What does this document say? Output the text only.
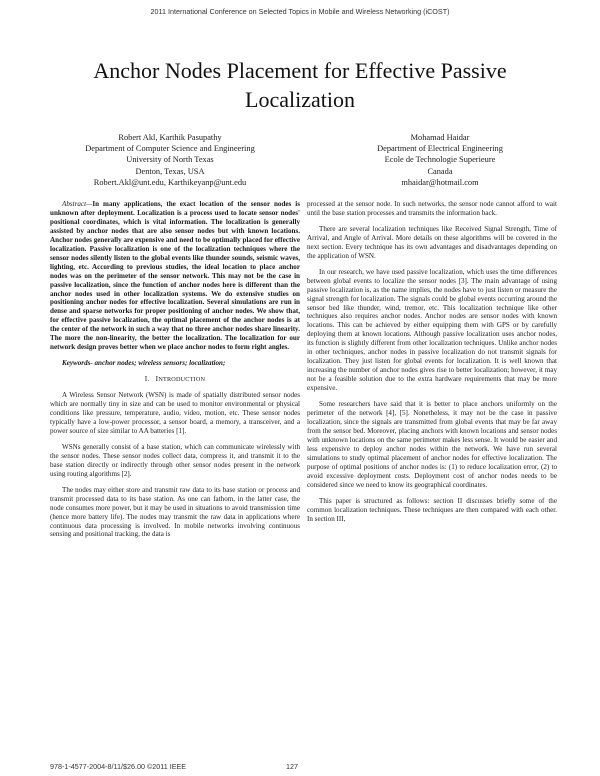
2011 International Conference on Selected Topics in Mobile and Wireless Networking (iCOST)
Anchor Nodes Placement for Effective Passive Localization
Robert Akl, Karthik Pasupathy
Department of Computer Science and Engineering
University of North Texas
Denton, Texas, USA
Robert.Akl@unt.edu, Karthikeyanp@unt.edu
Mohamad Haidar
Department of Electrical Engineering
Ecole de Technologie Superieure
Canada
mhaidar@hotmail.com

Abstract—In many applications, the exact location of the sensor nodes is unknown after deployment. Localization is a process used to locate sensor nodes' positional coordinates, which is vital information. The localization is generally assisted by anchor nodes that are also sensor nodes but with known locations. Anchor nodes generally are expensive and need to be optimally placed for effective localization. Passive localization is one of the localization techniques where the sensor nodes silently listen to the global events like thunder sounds, seismic waves, lighting, etc. According to previous studies, the ideal location to place anchor nodes was on the perimeter of the sensor network. This may not be the case in passive localization, since the function of anchor nodes here is different than the anchor nodes used in other localization systems. We do extensive studies on positioning anchor nodes for effective localization. Several simulations are run in dense and sparse networks for proper positioning of anchor nodes. We show that, for effective passive localization, the optimal placement of the anchor nodes is at the center of the network in such a way that no three anchor nodes share linearity. The more the non-linearity, the better the localization. The localization for our network design proves better when we place anchor nodes to form right angles.

Keywords- anchor nodes; wireless sensors; localization;

I. INTRODUCTION

A Wireless Sensor Network (WSN) is made of spatially distributed sensor nodes which are normally tiny in size and can be used to monitor environmental or physical conditions like pressure, temperature, audio, video, motion, etc. These sensor nodes typically have a low-power processor, a sensor board, a memory, a transceiver, and a power source of size similar to AA batteries [1].

WSNs generally consist of a base station, which can communicate wirelessly with the sensor nodes. These sensor nodes collect data, compress it, and transmit it to the base station directly or indirectly through other sensor nodes present in the network using routing algorithms [2].

The nodes may either store and transmit raw data to its base station or process and transmit processed data to its base station. As one can fathom, in the latter case, the node consumes more power, but it may be used in situations to avoid transmission time (hence more battery life). The nodes may transmit the raw data in applications where continuous data processing is involved. In mobile networks involving continuous sensing and positional tracking, the data is

processed at the sensor node. In such networks, the sensor node cannot afford to wait until the base station processes and transmits the information back.

There are several localization techniques like Received Signal Strength, Time of Arrival, and Angle of Arrival. More details on these algorithms will be covered in the next section. Every technique has its own advantages and disadvantages depending on the application of WSN.

In our research, we have used passive localization, which uses the time differences between global events to localize the sensor nodes [3]. The main advantage of using passive localization is, as the name implies, the nodes have to just listen or measure the signal strength for localization. The signals could be global events occurring around the sensor bed like thunder, wind, tremor, etc. This localization technique like other techniques also requires anchor nodes. Anchor nodes are sensor nodes with known locations. This can be achieved by either equipping them with GPS or by carefully deploying them at known locations. Although passive localization uses anchor nodes, its function is slightly different from other localization techniques. Unlike anchor nodes in other techniques, anchor nodes in passive localization do not transmit signals for localization. They just listen for global events for localization. It is well known that increasing the number of anchor nodes gives rise to better localization; however, it may not be a feasible solution due to the extra hardware requirements that may be more expensive.

Some researchers have said that it is better to place anchors uniformly on the perimeter of the network [4], [5]. Nonetheless, it may not be the case in passive localization, since the signals are transmitted from global events that may be far away from the sensor bed. Moreover, placing anchors with known locations and sensor nodes with unknown locations on the same perimeter makes less sense. It would be easier and less expensive to deploy anchor nodes within the network. We have run several simulations to study optimal placement of anchor nodes for effective localization. The purpose of optimal positions of anchor nodes is: (1) to reduce localization error, (2) to avoid excessive deployment costs. Deployment cost of anchor nodes needs to be considered since we need to know its geographical coordinates.

This paper is structured as follows: section II discusses briefly some of the common localization techniques. These techniques are then compared with each other. In section III,

978-1-4577-2004-8/11/$26.00 ©2011 IEEE	127
